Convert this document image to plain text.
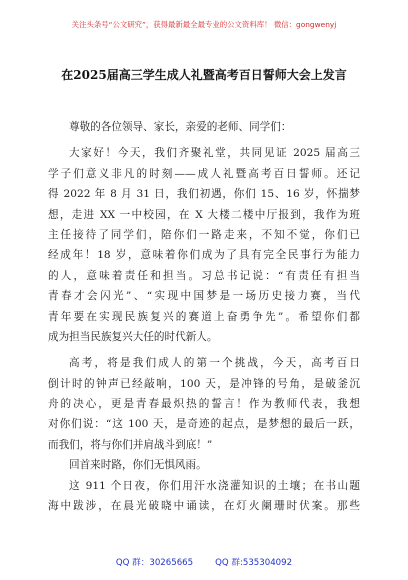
关注头条号“公文研究”，获得最新最全最专业的公文资料库！ 微信：gongwenyj
在2025届高三学生成人礼暨高考百日誓师大会上发言
尊敬的各位领导、家长，亲爱的老师、同学们：
大家好！今天，我们齐聚礼堂，共同见证 2025 届高三
学子们意义非凡的时刻——成人礼暨高考百日誓师。还记
得 2022 年 8 月 31 日，我们初遇，你们 15、16 岁，怀揣梦
想，走进 XX 一中校园，在 X 大楼二楼中厅报到，我作为班
主任接待了同学们，陪你们一路走来，不知不觉，你们已
经成年！18 岁，意味着你们成为了具有完全民事行为能力
的人，意味着责任和担当。习总书记说：“有责任有担当
青春才会闪光”、“实现中国梦是一场历史接力赛，当代
青年要在实现民族复兴的赛道上奋勇争先”。希望你们都
成为担当民族复兴大任的时代新人。
高考，将是我们成人的第一个挑战，今天，高考百日
倒计时的钟声已经敲响，100 天，是冲锋的号角，是破釜沉
舟的决心，更是青春最炽热的誓言！作为教师代表，我想
对你们说：“这 100 天，是奇迹的起点，是梦想的最后一跃，
而我们，将与你们并肩战斗到底！”
回首来时路，你们无惧风雨。
这 911 个日夜，你们用汗水浇灌知识的土壤；在书山题
海中跋涉，在晨光破晓中诵读，在灯火阑珊时伏案。那些
QQ 群：30265665	QQ 群:535304092
